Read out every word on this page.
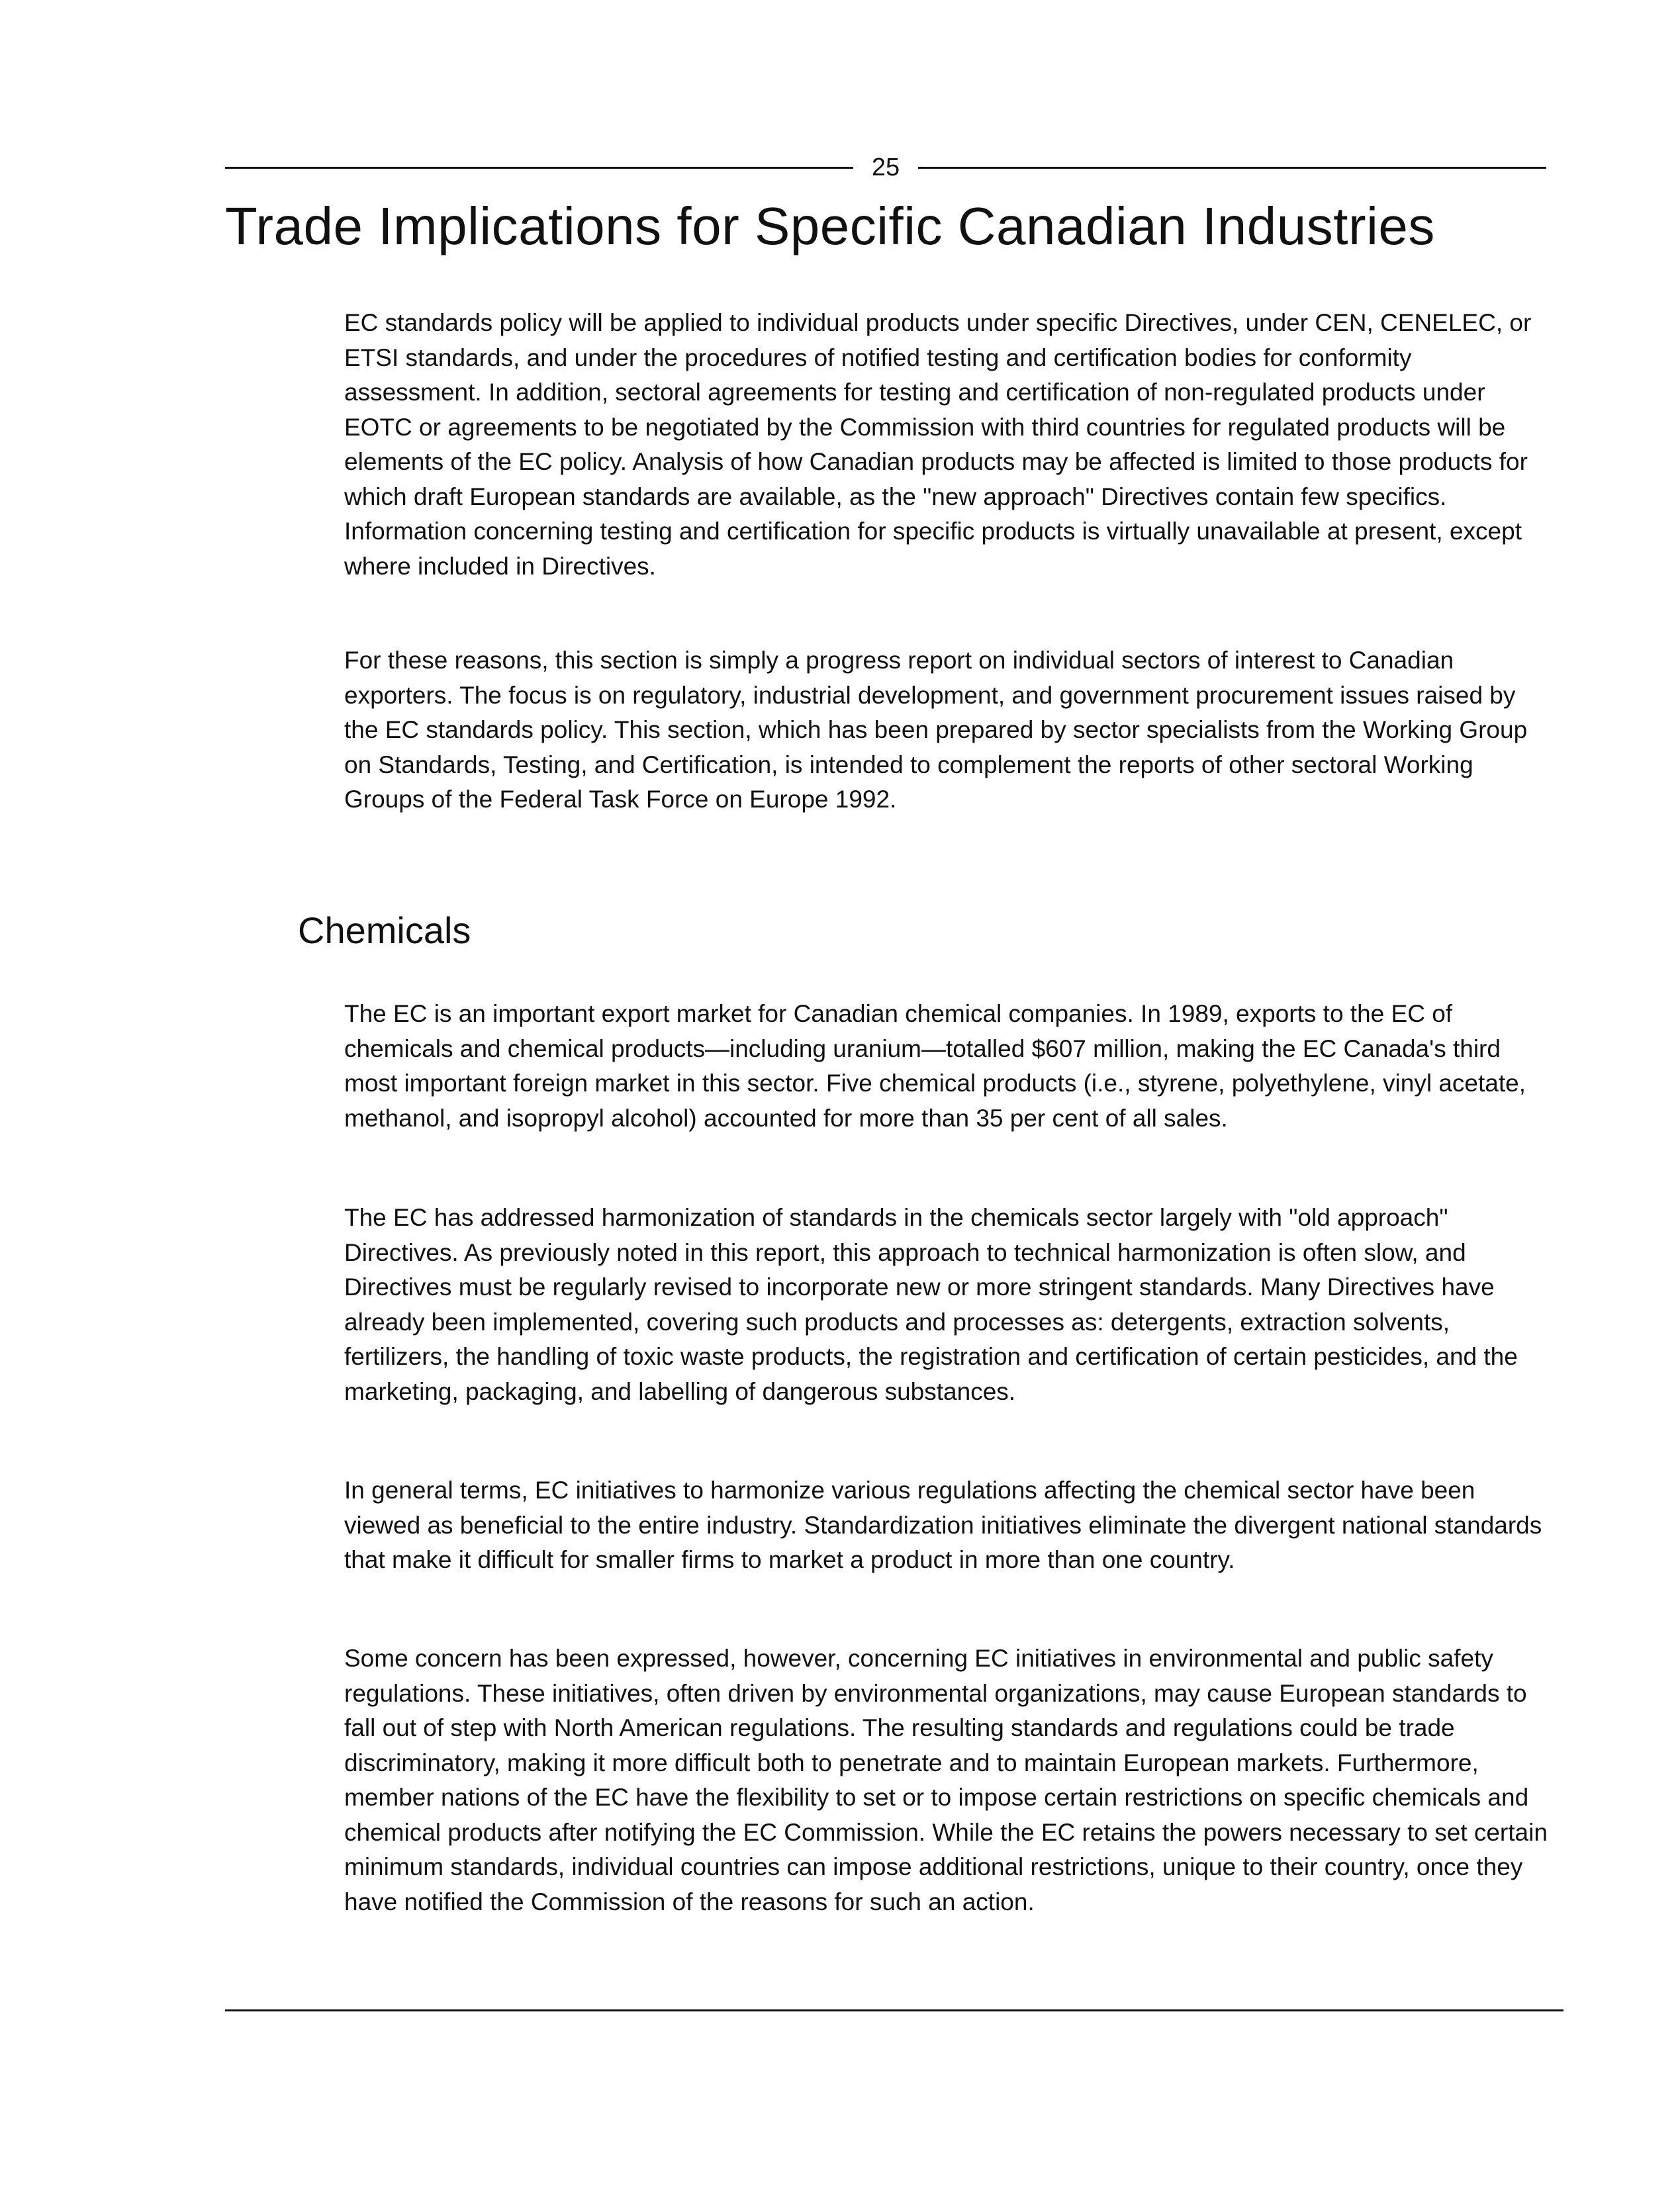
25
Trade Implications for Specific Canadian Industries

EC standards policy will be applied to individual products under specific Directives, under CEN, CENELEC, or ETSI standards, and under the procedures of notified testing and certification bodies for conformity assessment. In addition, sectoral agreements for testing and certification of non-regulated products under EOTC or agreements to be negotiated by the Commission with third countries for regulated products will be elements of the EC policy. Analysis of how Canadian products may be affected is limited to those products for which draft European standards are available, as the "new approach" Directives contain few specifics. Information concerning testing and certification for specific products is virtually unavailable at present, except where included in Directives.

For these reasons, this section is simply a progress report on individual sectors of interest to Canadian exporters. The focus is on regulatory, industrial development, and government procurement issues raised by the EC standards policy. This section, which has been prepared by sector specialists from the Working Group on Standards, Testing, and Certification, is intended to complement the reports of other sectoral Working Groups of the Federal Task Force on Europe 1992.

Chemicals

The EC is an important export market for Canadian chemical companies. In 1989, exports to the EC of chemicals and chemical products—including uranium—totalled $607 million, making the EC Canada's third most important foreign market in this sector. Five chemical products (i.e., styrene, polyethylene, vinyl acetate, methanol, and isopropyl alcohol) accounted for more than 35 per cent of all sales.

The EC has addressed harmonization of standards in the chemicals sector largely with "old approach" Directives. As previously noted in this report, this approach to technical harmonization is often slow, and Directives must be regularly revised to incorporate new or more stringent standards. Many Directives have already been implemented, covering such products and processes as: detergents, extraction solvents, fertilizers, the handling of toxic waste products, the registration and certification of certain pesticides, and the marketing, packaging, and labelling of dangerous substances.

In general terms, EC initiatives to harmonize various regulations affecting the chemical sector have been viewed as beneficial to the entire industry. Standardization initiatives eliminate the divergent national standards that make it difficult for smaller firms to market a product in more than one country.

Some concern has been expressed, however, concerning EC initiatives in environmental and public safety regulations. These initiatives, often driven by environmental organizations, may cause European standards to fall out of step with North American regulations. The resulting standards and regulations could be trade discriminatory, making it more difficult both to penetrate and to maintain European markets. Furthermore, member nations of the EC have the flexibility to set or to impose certain restrictions on specific chemicals and chemical products after notifying the EC Commission. While the EC retains the powers necessary to set certain minimum standards, individual countries can impose additional restrictions, unique to their country, once they have notified the Commission of the reasons for such an action.
